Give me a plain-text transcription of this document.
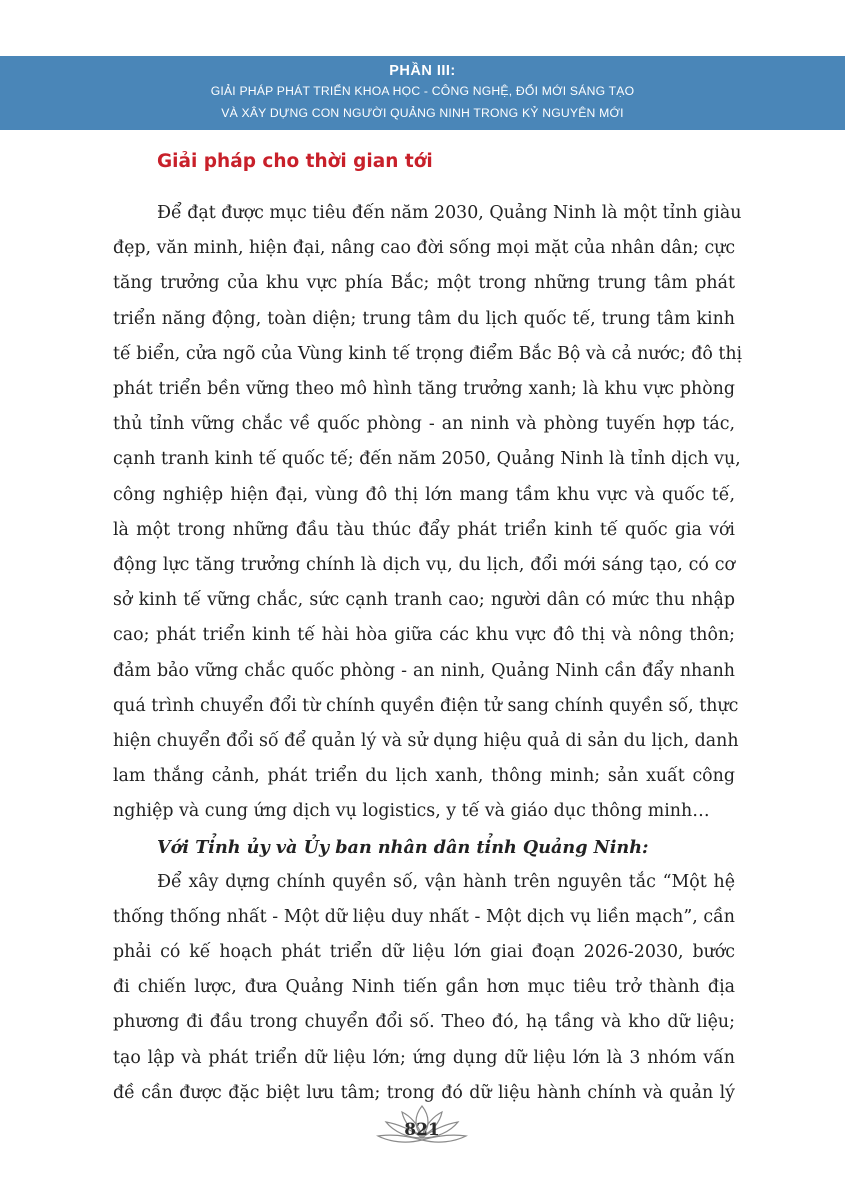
PHẦN III:
GIẢI PHÁP PHÁT TRIỂN KHOA HỌC - CÔNG NGHỆ, ĐỔI MỚI SÁNG TẠO
VÀ XÂY DỰNG CON NGƯỜI QUẢNG NINH TRONG KỶ NGUYÊN MỚI
Giải pháp cho thời gian tới
Để đạt được mục tiêu đến năm 2030, Quảng Ninh là một tỉnh giàu
đẹp, văn minh, hiện đại, nâng cao đời sống mọi mặt của nhân dân; cực
tăng trưởng của khu vực phía Bắc; một trong những trung tâm phát
triển năng động, toàn diện; trung tâm du lịch quốc tế, trung tâm kinh
tế biển, cửa ngõ của Vùng kinh tế trọng điểm Bắc Bộ và cả nước; đô thị
phát triển bền vững theo mô hình tăng trưởng xanh; là khu vực phòng
thủ tỉnh vững chắc về quốc phòng - an ninh và phòng tuyến hợp tác,
cạnh tranh kinh tế quốc tế; đến năm 2050, Quảng Ninh là tỉnh dịch vụ,
công nghiệp hiện đại, vùng đô thị lớn mang tầm khu vực và quốc tế,
là một trong những đầu tàu thúc đẩy phát triển kinh tế quốc gia với
động lực tăng trưởng chính là dịch vụ, du lịch, đổi mới sáng tạo, có cơ
sở kinh tế vững chắc, sức cạnh tranh cao; người dân có mức thu nhập
cao; phát triển kinh tế hài hòa giữa các khu vực đô thị và nông thôn;
đảm bảo vững chắc quốc phòng - an ninh, Quảng Ninh cần đẩy nhanh
quá trình chuyển đổi từ chính quyền điện tử sang chính quyền số, thực
hiện chuyển đổi số để quản lý và sử dụng hiệu quả di sản du lịch, danh
lam thắng cảnh, phát triển du lịch xanh, thông minh; sản xuất công
nghiệp và cung ứng dịch vụ logistics, y tế và giáo dục thông minh…
Với Tỉnh ủy và Ủy ban nhân dân tỉnh Quảng Ninh:
Để xây dựng chính quyền số, vận hành trên nguyên tắc “Một hệ
thống thống nhất - Một dữ liệu duy nhất - Một dịch vụ liền mạch”, cần
phải có kế hoạch phát triển dữ liệu lớn giai đoạn 2026-2030, bước
đi chiến lược, đưa Quảng Ninh tiến gần hơn mục tiêu trở thành địa
phương đi đầu trong chuyển đổi số. Theo đó, hạ tầng và kho dữ liệu;
tạo lập và phát triển dữ liệu lớn; ứng dụng dữ liệu lớn là 3 nhóm vấn
đề cần được đặc biệt lưu tâm; trong đó dữ liệu hành chính và quản lý
821
